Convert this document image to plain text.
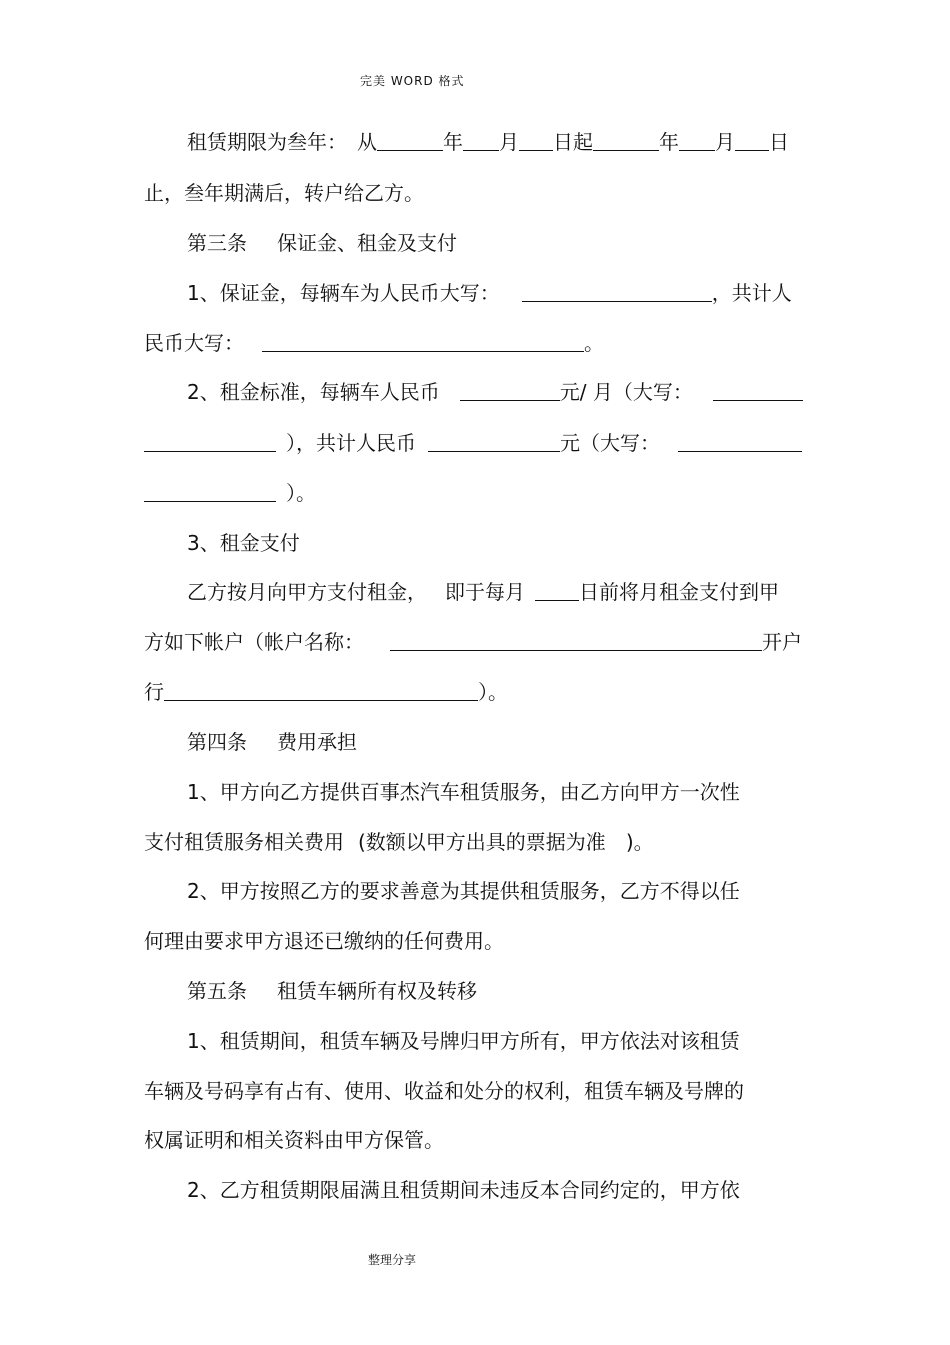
完美 WORD 格式
租赁期限为叁年： 从	年 月 日起	年 月 日
止，叁年期满后，转户给乙方。
第三条 保证金、租金及支付
1、保证金，每辆车为人民币大写：	，共计人
民币大写：	。
2、租金标准，每辆车人民币	元/ 月（大写：
），共计人民币	元（大写：
）。
3、租金支付
乙方按月向甲方支付租金， 即于每月	日前将月租金支付到甲
方如下帐户（帐户名称：	开户
行	）。
第四条 费用承担
1、甲方向乙方提供百事杰汽车租赁服务，由乙方向甲方一次性
支付租赁服务相关费用 (数额以甲方出具的票据为准 )。
2、甲方按照乙方的要求善意为其提供租赁服务，乙方不得以任
何理由要求甲方退还已缴纳的任何费用。
第五条 租赁车辆所有权及转移
1、租赁期间，租赁车辆及号牌归甲方所有，甲方依法对该租赁
车辆及号码享有占有、使用、收益和处分的权利，租赁车辆及号牌的
权属证明和相关资料由甲方保管。
2、乙方租赁期限届满且租赁期间未违反本合同约定的，甲方依
整理分享
